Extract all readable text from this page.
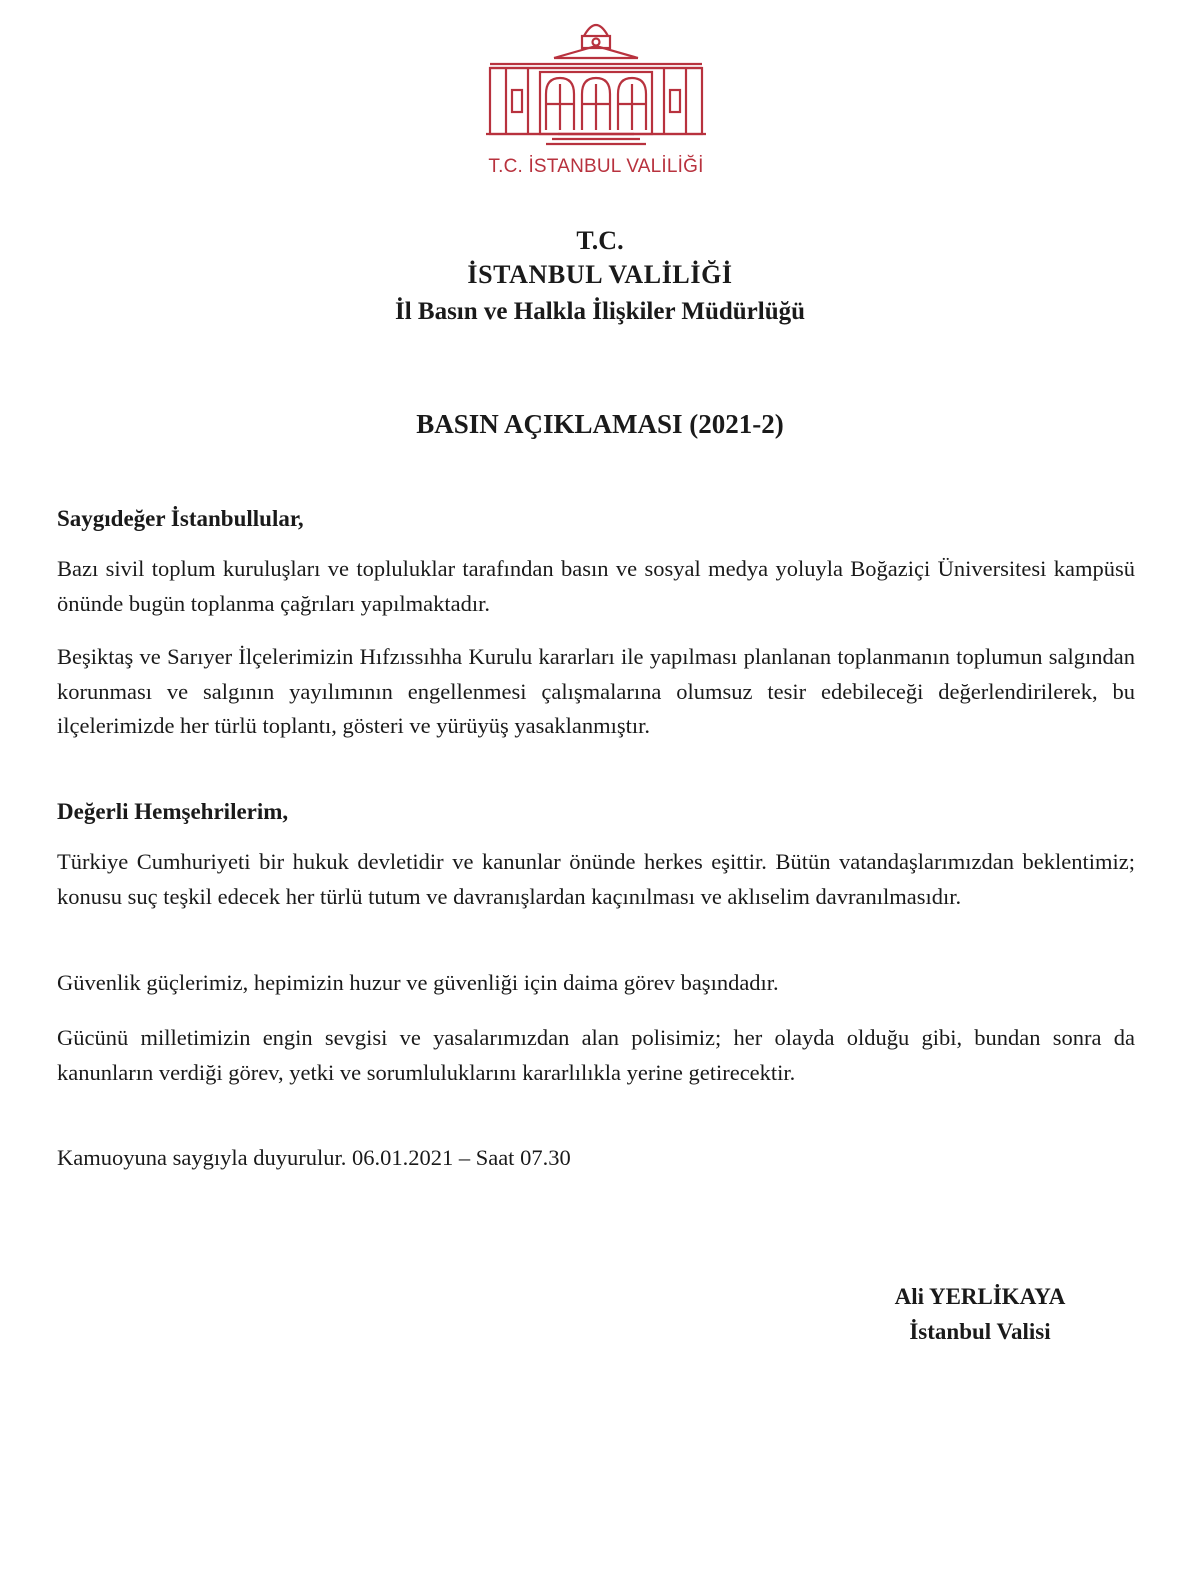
T.C. İSTANBUL VALİLİĞİ
T.C.
İSTANBUL VALİLİĞİ
İl Basın ve Halkla İlişkiler Müdürlüğü
BASIN AÇIKLAMASI (2021-2)
Saygıdeğer İstanbullular,
Bazı sivil toplum kuruluşları ve topluluklar tarafından basın ve sosyal medya yoluyla Boğaziçi Üniversitesi kampüsü önünde bugün toplanma çağrıları yapılmaktadır.
Beşiktaş ve Sarıyer İlçelerimizin Hıfzıssıhha Kurulu kararları ile yapılması planlanan toplanmanın toplumun salgından korunması ve salgının yayılımının engellenmesi çalışmalarına olumsuz tesir edebileceği değerlendirilerek, bu ilçelerimizde her türlü toplantı, gösteri ve yürüyüş yasaklanmıştır.
Değerli Hemşehrilerim,
Türkiye Cumhuriyeti bir hukuk devletidir ve kanunlar önünde herkes eşittir. Bütün vatandaşlarımızdan beklentimiz; konusu suç teşkil edecek her türlü tutum ve davranışlardan kaçınılması ve aklıselim davranılmasıdır.
Güvenlik güçlerimiz, hepimizin huzur ve güvenliği için daima görev başındadır.
Gücünü milletimizin engin sevgisi ve yasalarımızdan alan polisimiz; her olayda olduğu gibi, bundan sonra da kanunların verdiği görev, yetki ve sorumluluklarını kararlılıkla yerine getirecektir.
Kamuoyuna saygıyla duyurulur. 06.01.2021 – Saat 07.30
Ali YERLİKAYA
İstanbul Valisi
